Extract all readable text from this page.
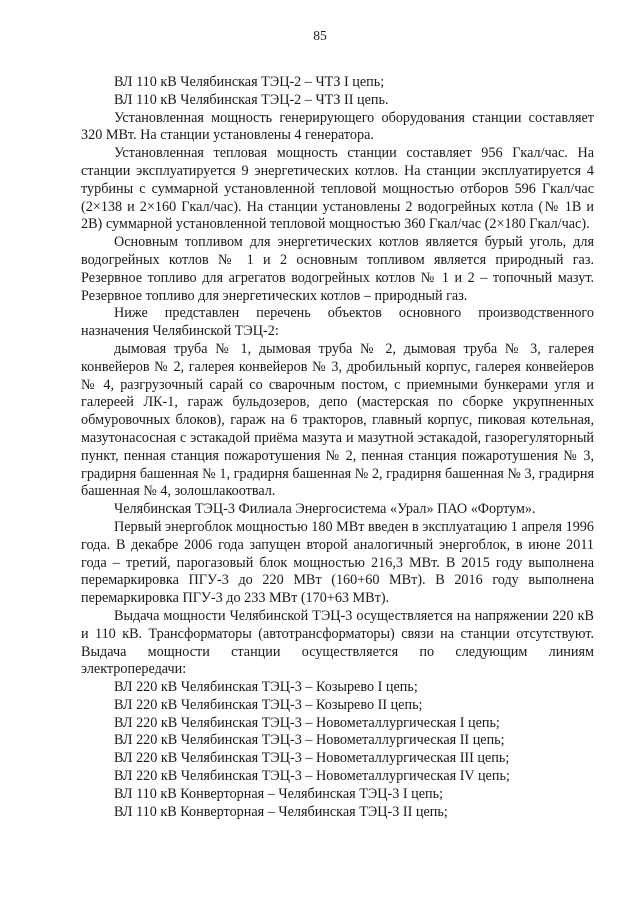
85

ВЛ 110 кВ Челябинская ТЭЦ-2 – ЧТЗ I цепь;

ВЛ 110 кВ Челябинская ТЭЦ-2 – ЧТЗ II цепь.

Установленная мощность генерирующего оборудования станции составляет 320 МВт. На станции установлены 4 генератора.

Установленная тепловая мощность станции составляет 956 Гкал/час. На станции эксплуатируется 9 энергетических котлов. На станции эксплуатируется 4 турбины с суммарной установленной тепловой мощностью отборов 596 Гкал/час (2×138 и 2×160 Гкал/час). На станции установлены 2 водогрейных котла (№ 1В и 2В) суммарной установленной тепловой мощностью 360 Гкал/час (2×180 Гкал/час).

Основным топливом для энергетических котлов является бурый уголь, для водогрейных котлов № 1 и 2 основным топливом является природный газ. Резервное топливо для агрегатов водогрейных котлов № 1 и 2 – топочный мазут. Резервное топливо для энергетических котлов – природный газ.

Ниже представлен перечень объектов основного производственного назначения Челябинской ТЭЦ-2:

дымовая труба № 1, дымовая труба № 2, дымовая труба № 3, галерея конвейеров № 2, галерея конвейеров № 3, дробильный корпус, галерея конвейеров № 4, разгрузочный сарай со сварочным постом, с приемными бункерами угля и галереей ЛК-1, гараж бульдозеров, депо (мастерская по сборке укрупненных обмуровочных блоков), гараж на 6 тракторов, главный корпус, пиковая котельная, мазутонасосная с эстакадой приёма мазута и мазутной эстакадой, газорегуляторный пункт, пенная станция пожаротушения № 2, пенная станция пожаротушения № 3, градирня башенная № 1, градирня башенная № 2, градирня башенная № 3, градирня башенная № 4, золошлакоотвал.

Челябинская ТЭЦ-3 Филиала Энергосистема «Урал» ПАО «Фортум».

Первый энергоблок мощностью 180 МВт введен в эксплуатацию 1 апреля 1996 года. В декабре 2006 года запущен второй аналогичный энергоблок, в июне 2011 года – третий, парогазовый блок мощностью 216,3 МВт. В 2015 году выполнена перемаркировка ПГУ-3 до 220 МВт (160+60 МВт). В 2016 году выполнена перемаркировка ПГУ-3 до 233 МВт (170+63 МВт).

Выдача мощности Челябинской ТЭЦ-3 осуществляется на напряжении 220 кВ и 110 кВ. Трансформаторы (автотрансформаторы) связи на станции отсутствуют. Выдача мощности станции осуществляется по следующим линиям электропередачи:

ВЛ 220 кВ Челябинская ТЭЦ-3 – Козырево I цепь;

ВЛ 220 кВ Челябинская ТЭЦ-3 – Козырево II цепь;

ВЛ 220 кВ Челябинская ТЭЦ-3 – Новометаллургическая I цепь;

ВЛ 220 кВ Челябинская ТЭЦ-3 – Новометаллургическая II цепь;

ВЛ 220 кВ Челябинская ТЭЦ-3 – Новометаллургическая III цепь;

ВЛ 220 кВ Челябинская ТЭЦ-3 – Новометаллургическая IV цепь;

ВЛ 110 кВ Конверторная – Челябинская ТЭЦ-3 I цепь;

ВЛ 110 кВ Конверторная – Челябинская ТЭЦ-3 II цепь;
